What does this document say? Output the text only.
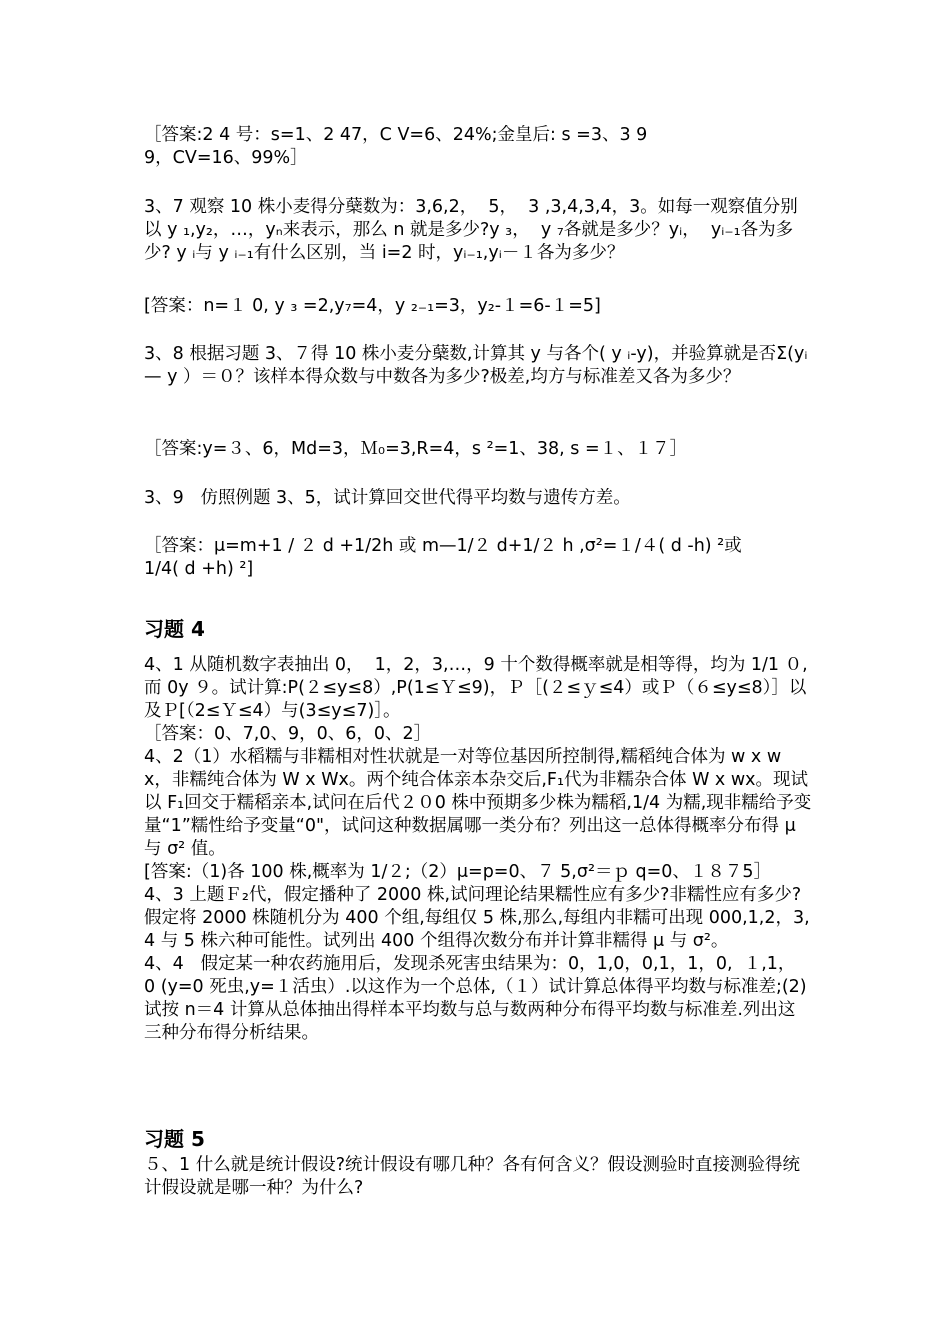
［答案:2 4 号：s=1、2 47，C V=6、24%;金皇后: s =3、3 9
9，CV=16、99%］

3、7 观察 10 株小麦得分蘖数为：3,6,2，  5，  3 ,3,4,3,4，3。如每一观察值分别以 y ₁,y₂，…，yₙ来表示，那么 n 就是多少?y ₃，  y ₇各就是多少？yᵢ，  yᵢ₋₁各为多少? y ᵢ与 y ᵢ₋₁有什么区别，当 i=2 时，yᵢ₋₁,yᵢ－１各为多少？

[答案：n=１ 0, y ₃ =2,y₇=4，y ₂₋₁=3，y₂-１=6-１=5]

3、8 根据习题 3、７得 10 株小麦分蘖数,计算其 y 与各个( y ᵢ-y)，并验算就是否Σ(yᵢ— y ）＝０？该样本得众数与中数各为多少?极差,均方与标准差又各为多少？

［答案:y=３、6，Md=3，Ｍ₀=3,R=4，s ²=1、38, s =１、１７］

3、9   仿照例题 3、5，试计算回交世代得平均数与遗传方差。

［答案：μ=m+1 / ２ d +1/2h 或 m—1/２ d+1/２ h ,σ²=１/４( d -h) ²或
1/4( d +h) ²]

习题 4

4、1 从随机数字表抽出 0，  1，2，3,…，9 十个数得概率就是相等得，均为 1/1 ０,而 0y ９。试计算:P(２≤y≤8）,P(1≤Ｙ≤9)，Ｐ［(２≤ｙ≤4）或Ｐ（６≤y≤8）］以及Ｐ[（2≤Ｙ≤4）与(3≤y≤7)］。
［答案：0、7,0、9，0、6，0、2］
4、2（1）水稻糯与非糯相对性状就是一对等位基因所控制得,糯稻纯合体为 w x w x，非糯纯合体为 W x Wx。两个纯合体亲本杂交后,F₁代为非糯杂合体 W x wx。现试以 F₁回交于糯稻亲本,试问在后代２０0 株中预期多少株为糯稻,1/4 为糯,现非糯给予变量“1”糯性给予变量“0"，试问这种数据属哪一类分布？列出这一总体得概率分布得 μ 与 σ² 值。
[答案:（1)各 100 株,概率为 1/２;（2）μ=p=0、７ 5,σ²＝ｐ q=0、１８７5］
4、3 上题Ｆ₂代，假定播种了 2000 株,试问理论结果糯性应有多少?非糯性应有多少?假定将 2000 株随机分为 400 个组,每组仅 5 株,那么,每组内非糯可出现 000,1,2，3,4 与 5 株六种可能性。试列出 400 个组得次数分布并计算非糯得 μ 与 σ²。
4、4   假定某一种农药施用后，发现杀死害虫结果为：0，1,0，0,1，1，0,  １,1，  0 (y=0 死虫,y=１活虫）.以这作为一个总体,（１）试计算总体得平均数与标准差;(2)试按 n＝4 计算从总体抽出得样本平均数与总与数两种分布得平均数与标准差.列出这三种分布得分析结果。

习题 5

５、1 什么就是统计假设?统计假设有哪几种？各有何含义？假设测验时直接测验得统计假设就是哪一种？为什么?
